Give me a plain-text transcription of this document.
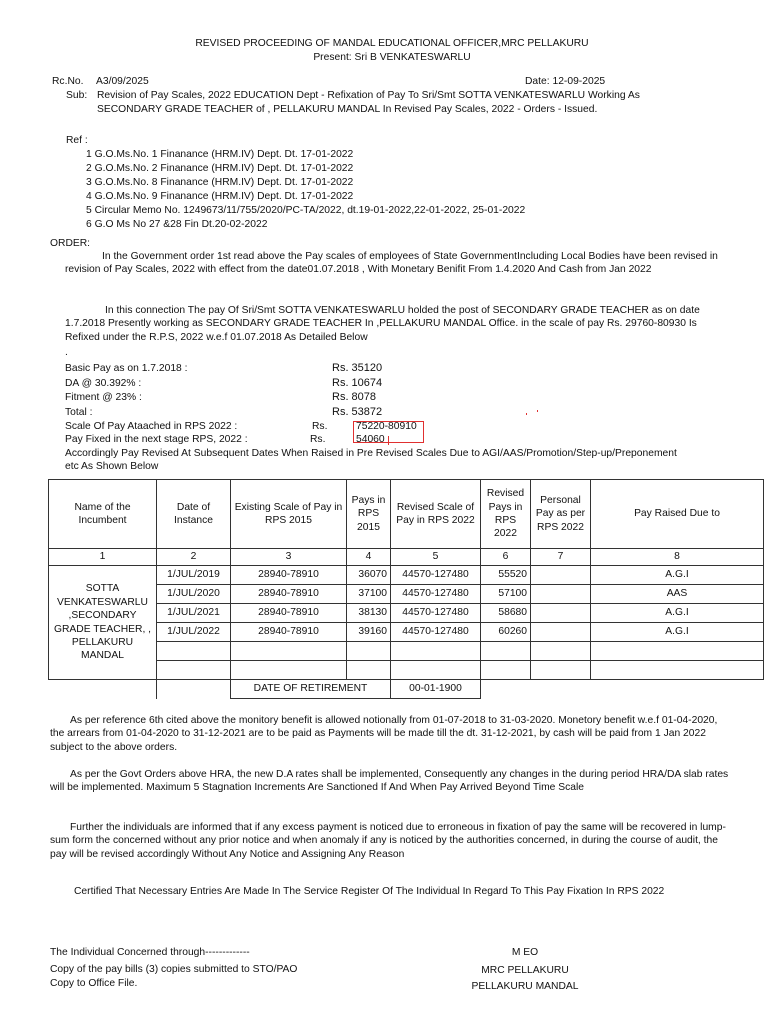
REVISED PROCEEDING OF MANDAL EDUCATIONAL OFFICER,MRC PELLAKURU
Present: Sri B VENKATESWARLU
Rc.No. A3/09/2025	Date: 12-09-2025
Sub: Revision of Pay Scales, 2022 EDUCATION Dept - Refixation of Pay To Sri/Smt SOTTA VENKATESWARLU Working As
SECONDARY GRADE TEACHER of , PELLAKURU MANDAL In Revised Pay Scales, 2022 - Orders - Issued.
Ref :
1 G.O.Ms.No. 1 Finanance (HRM.IV) Dept. Dt. 17-01-2022
2 G.O.Ms.No. 2 Finanance (HRM.IV) Dept. Dt. 17-01-2022
3 G.O.Ms.No. 8 Finanance (HRM.IV) Dept. Dt. 17-01-2022
4 G.O.Ms.No. 9 Finanance (HRM.IV) Dept. Dt. 17-01-2022
5 Circular Memo No. 1249673/11/755/2020/PC-TA/2022, dt.19-01-2022,22-01-2022, 25-01-2022
6 G.O Ms No 27 &28 Fin Dt.20-02-2022
ORDER:
In the Government order 1st read above the Pay scales of employees of State GovernmentIncluding Local Bodies have been revised in revision of Pay Scales, 2022 with effect from the date01.07.2018 , With Monetary Benifit From 1.4.2020 And Cash from Jan 2022
In this connection The pay Of Sri/Smt SOTTA VENKATESWARLU holded the post of SECONDARY GRADE TEACHER as on date 1.7.2018 Presently working as SECONDARY GRADE TEACHER In ,PELLAKURU MANDAL Office. in the scale of pay Rs. 29760-80930 Is Refixed under the R.P.S, 2022 w.e.f 01.07.2018 As Detailed Below
.
Basic Pay as on 1.7.2018 :	Rs. 35120
DA @ 30.392% :	Rs. 10674
Fitment @ 23% :	Rs. 8078
Total :	Rs. 53872
Scale Of Pay Ataached in RPS 2022 :	Rs.	75220-80910
Pay Fixed in the next stage RPS, 2022 :	Rs.	54060
Accordingly Pay Revised At Subsequent Dates When Raised in Pre Revised Scales Due to AGI/AAS/Promotion/Step-up/Preponement etc As Shown Below
Name of the Incumbent	Date of Instance	Existing Scale of Pay in RPS 2015	Pays in RPS 2015	Revised Scale of Pay in RPS 2022	Revised Pays in RPS 2022	Personal Pay as per RPS 2022	Pay Raised Due to
1	2	3	4	5	6	7	8
SOTTA VENKATESWARLU ,SECONDARY GRADE TEACHER, , PELLAKURU MANDAL	1/JUL/2019	28940-78910	36070	44570-127480	55520		A.G.I
	1/JUL/2020	28940-78910	37100	44570-127480	57100		AAS
	1/JUL/2021	28940-78910	38130	44570-127480	58680		A.G.I
	1/JUL/2022	28940-78910	39160	44570-127480	60260		A.G.I

		DATE OF RETIREMENT		00-01-1900			
As per reference 6th cited above the monitory benefit is allowed notionally from 01-07-2018 to 31-03-2020. Monetory benefit w.e.f 01-04-2020, the arrears from 01-04-2020 to 31-12-2021 are to be paid as Payments will be made till the dt. 31-12-2021, by cash will be paid from 1 Jan 2022 subject to the above orders.
As per the Govt Orders above HRA, the new D.A rates shall be implemented, Consequently any changes in the during period HRA/DA slab rates will be implemented. Maximum 5 Stagnation Increments Are Sanctioned If And When Pay Arrived Beyond Time Scale
Further the individuals are informed that if any excess payment is noticed due to erroneous in fixation of pay the same will be recovered in lump-sum form the concerned without any prior notice and when anomaly if any is noticed by the authorities concerned, in during the course of audit, the pay will be revised accordingly Without Any Notice and Assigning Any Reason
Certified That Necessary Entries Are Made In The Service Register Of The Individual In Regard To This Pay Fixation In RPS 2022
The Individual Concerned through-------------
Copy of the pay bills (3) copies submitted to STO/PAO
Copy to Office File.
M EO
MRC PELLAKURU
PELLAKURU MANDAL
